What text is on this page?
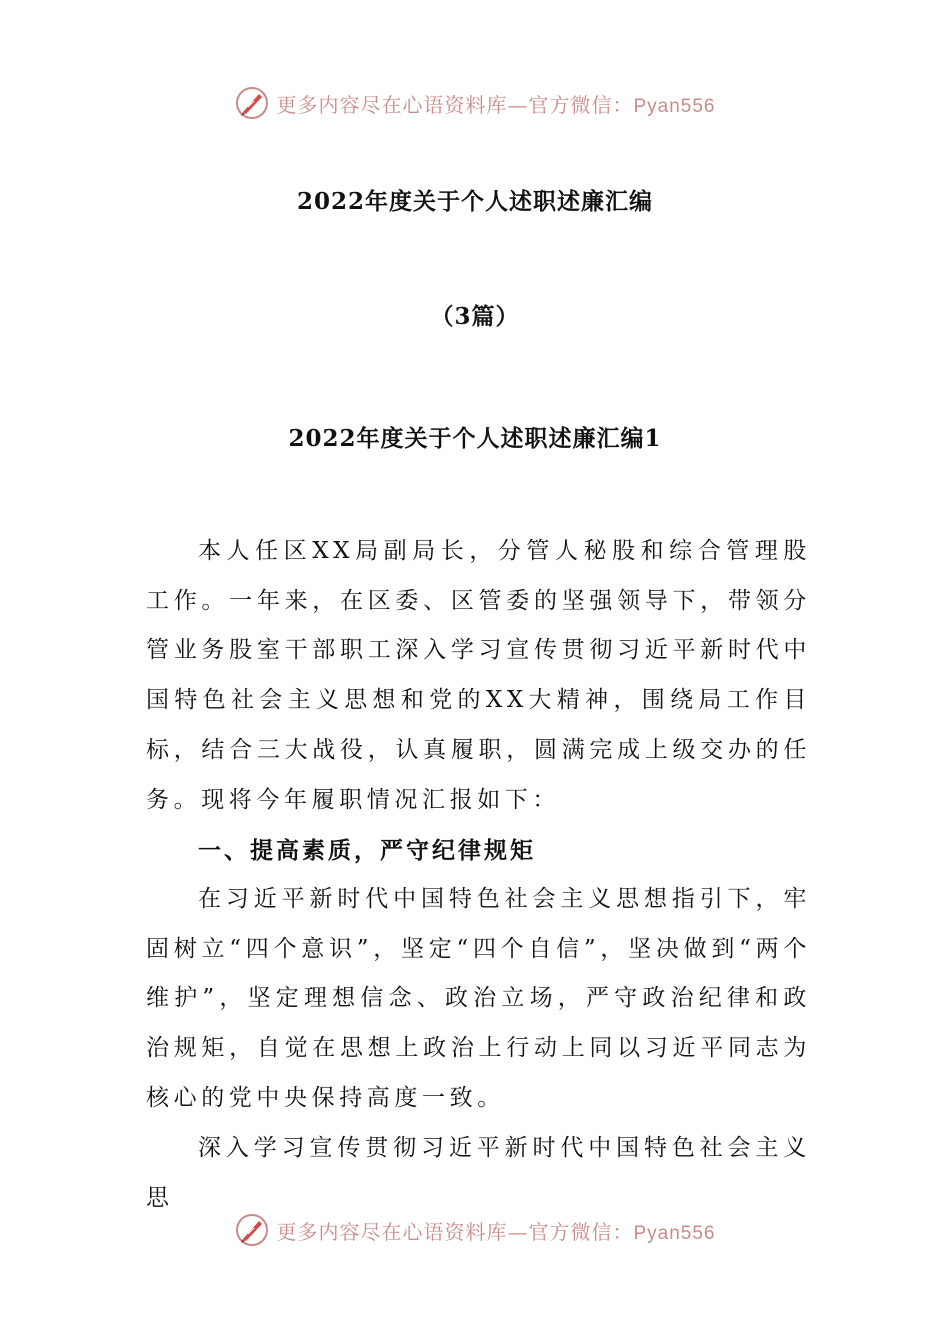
更多内容尽在心语资料库—官方微信：Pyan556
2022年度关于个人述职述廉汇编
（3篇）
2022年度关于个人述职述廉汇编1

本人任区XX局副局长，分管人秘股和综合管理股工作。一年来，在区委、区管委的坚强领导下，带领分管业务股室干部职工深入学习宣传贯彻习近平新时代中国特色社会主义思想和党的XX大精神，围绕局工作目标，结合三大战役，认真履职，圆满完成上级交办的任务。现将今年履职情况汇报如下：

一、提高素质，严守纪律规矩

在习近平新时代中国特色社会主义思想指引下，牢固树立“四个意识”，坚定“四个自信”，坚决做到“两个维护”，坚定理想信念、政治立场，严守政治纪律和政治规矩，自觉在思想上政治上行动上同以习近平同志为核心的党中央保持高度一致。

深入学习宣传贯彻习近平新时代中国特色社会主义思

更多内容尽在心语资料库—官方微信：Pyan556
